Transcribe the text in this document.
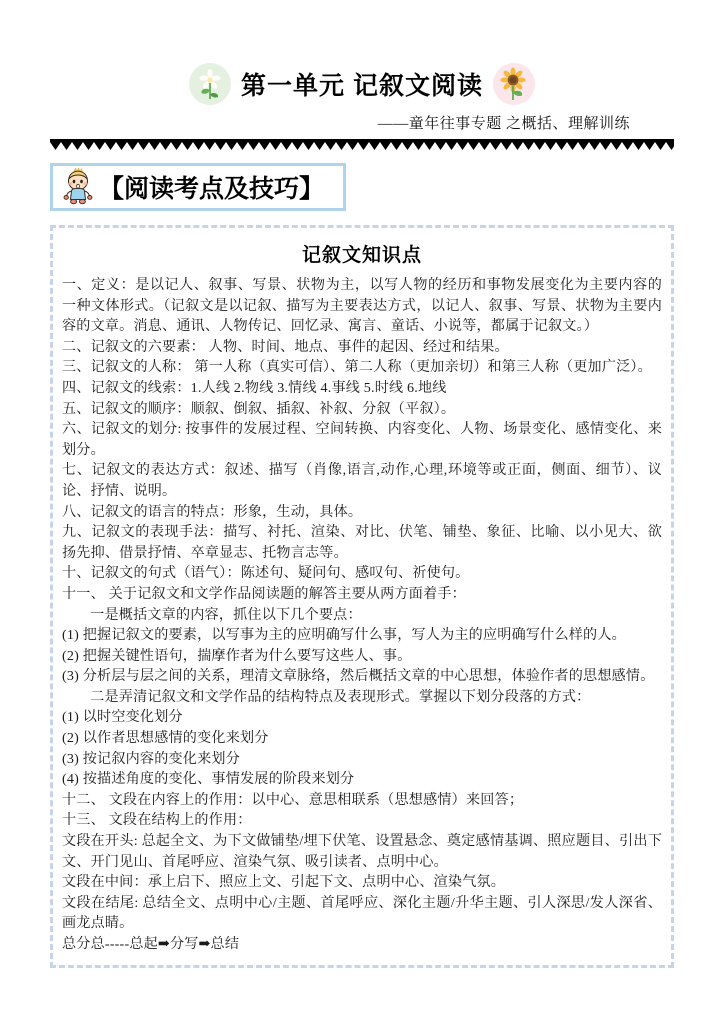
第一单元 记叙文阅读
——童年往事专题 之概括、理解训练
【阅读考点及技巧】
记叙文知识点

一、定义：是以记人、叙事、写景、状物为主，以写人物的经历和事物发展变化为主要内容的一种文体形式。（记叙文是以记叙、描写为主要表达方式，以记人、叙事、写景、状物为主要内容的文章。消息、通讯、人物传记、回忆录、寓言、童话、小说等，都属于记叙文。）

二、记叙文的六要素： 人物、时间、地点、事件的起因、经过和结果。

三、记叙文的人称： 第一人称（真实可信）、第二人称（更加亲切）和第三人称（更加广泛）。

四、记叙文的线索：1.人线 2.物线 3.情线 4.事线 5.时线 6.地线

五、记叙文的顺序：顺叙、倒叙、插叙、补叙、分叙（平叙）。

六、记叙文的划分: 按事件的发展过程、空间转换、内容变化、人物、场景变化、感情变化、来划分。

七、记叙文的表达方式：叙述、描写（肖像,语言,动作,心理,环境等或正面，侧面、细节）、议论、抒情、说明。

八、记叙文的语言的特点：形象，生动，具体。

九、记叙文的表现手法：描写、衬托、渲染、对比、伏笔、铺垫、象征、比喻、以小见大、欲扬先抑、借景抒情、卒章显志、托物言志等。

十、记叙文的句式（语气）：陈述句、疑问句、感叹句、祈使句。

十一、 关于记叙文和文学作品阅读题的解答主要从两方面着手：

一是概括文章的内容，抓住以下几个要点：

(1) 把握记叙文的要素，以写事为主的应明确写什么事，写人为主的应明确写什么样的人。

(2) 把握关键性语句，揣摩作者为什么要写这些人、事。

(3) 分析层与层之间的关系，理清文章脉络，然后概括文章的中心思想，体验作者的思想感情。

二是弄清记叙文和文学作品的结构特点及表现形式。掌握以下划分段落的方式：

(1) 以时空变化划分

(2) 以作者思想感情的变化来划分

(3) 按记叙内容的变化来划分

(4) 按描述角度的变化、事情发展的阶段来划分

十二、 文段在内容上的作用：以中心、意思相联系（思想感情）来回答；

十三、 文段在结构上的作用：

文段在开头: 总起全文、为下文做铺垫/埋下伏笔、设置悬念、奠定感情基调、照应题目、引出下文、开门见山、首尾呼应、渲染气氛、吸引读者、点明中心。

文段在中间：承上启下、照应上文、引起下文、点明中心、渲染气氛。

文段在结尾: 总结全文、点明中心/主题、首尾呼应、深化主题/升华主题、引人深思/发人深省、画龙点睛。

总分总-----总起➡分写➡总结
